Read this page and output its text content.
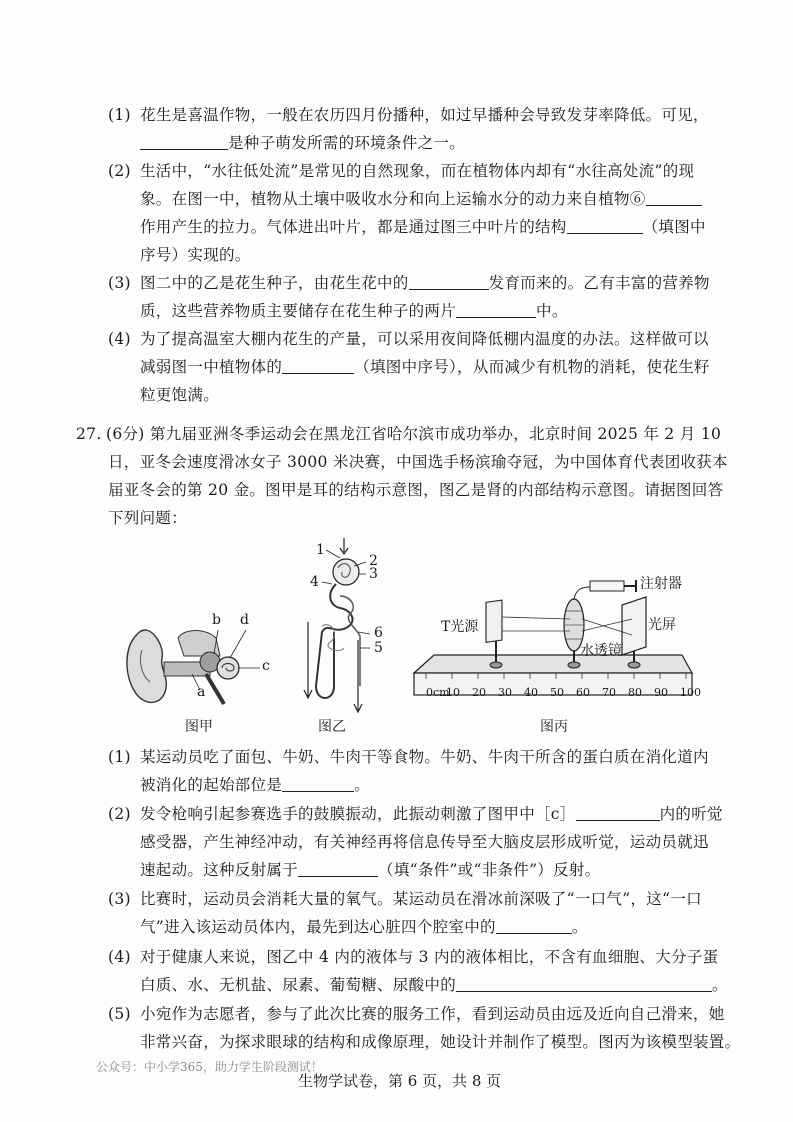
(1) 花生是喜温作物，一般在农历四月份播种，如过早播种会导致发芽率降低。可见，
是种子萌发所需的环境条件之一。
(2) 生活中，“水往低处流”是常见的自然现象，而在植物体内却有“水往高处流”的现
象。在图一中，植物从土壤中吸收水分和向上运输水分的动力来自植物⑥
作用产生的拉力。气体进出叶片，都是通过图三中叶片的结构	（填图中
序号）实现的。
(3) 图二中的乙是花生种子，由花生花中的	发育而来的。乙有丰富的营养物
质，这些营养物质主要储存在花生种子的两片	中。
(4) 为了提高温室大棚内花生的产量，可以采用夜间降低棚内温度的办法。这样做可以
减弱图一中植物体的	（填图中序号），从而减少有机物的消耗，使花生籽
粒更饱满。
27. (6分) 第九届亚洲冬季运动会在黑龙江省哈尔滨市成功举办，北京时间 2025 年 2 月 10
日，亚冬会速度滑冰女子 3000 米决赛，中国选手杨滨瑜夺冠，为中国体育代表团收获本
届亚冬会的第 20 金。图甲是耳的结构示意图，图乙是肾的内部结构示意图。请据图回答
下列问题：
b d
c
a
图甲
1
2
3
4
6
5
图乙
注射器
T光源	光屏
水透镜
0cm
10 20 30 40 50 60 70 80 90 100
图丙
(1) 某运动员吃了面包、牛奶、牛肉干等食物。牛奶、牛肉干所含的蛋白质在消化道内
被消化的起始部位是	。
(2) 发令枪响引起参赛选手的鼓膜振动，此振动刺激了图甲中［c］	内的听觉
感受器，产生神经冲动，有关神经再将信息传导至大脑皮层形成听觉，运动员就迅
速起动。这种反射属于	（填“条件”或“非条件”）反射。
(3) 比赛时，运动员会消耗大量的氧气。某运动员在滑冰前深吸了“一口气”，这“一口
气”进入该运动员体内，最先到达心脏四个腔室中的	。
(4) 对于健康人来说，图乙中 4 内的液体与 3 内的液体相比，不含有血细胞、大分子蛋
白质、水、无机盐、尿素、葡萄糖、尿酸中的	。
(5) 小宛作为志愿者，参与了此次比赛的服务工作，看到运动员由远及近向自己滑来，她
非常兴奋，为探求眼球的结构和成像原理，她设计并制作了模型。图丙为该模型装置。
公众号：中小学365，助力学生阶段测试！
生物学试卷，第 6 页，共 8 页
